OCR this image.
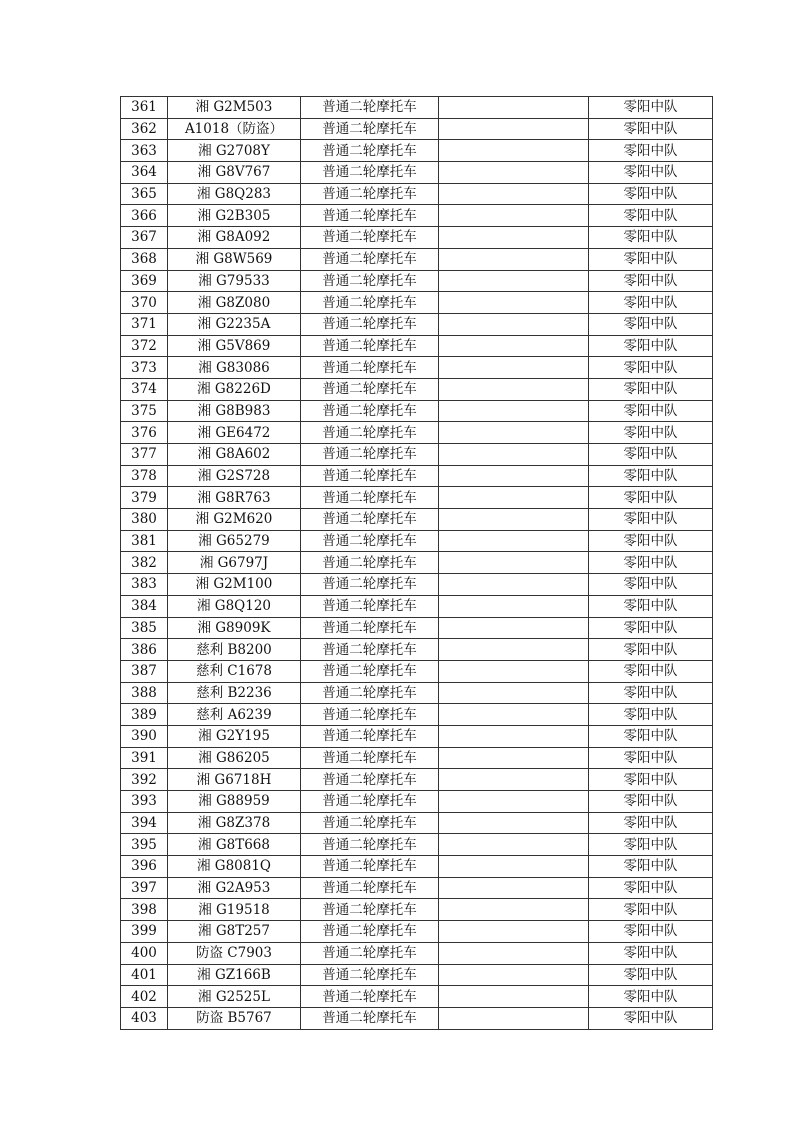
361	湘 G2M503	普通二轮摩托车		零阳中队
362	A1018（防盗）	普通二轮摩托车		零阳中队
363	湘 G2708Y	普通二轮摩托车		零阳中队
364	湘 G8V767	普通二轮摩托车		零阳中队
365	湘 G8Q283	普通二轮摩托车		零阳中队
366	湘 G2B305	普通二轮摩托车		零阳中队
367	湘 G8A092	普通二轮摩托车		零阳中队
368	湘 G8W569	普通二轮摩托车		零阳中队
369	湘 G79533	普通二轮摩托车		零阳中队
370	湘 G8Z080	普通二轮摩托车		零阳中队
371	湘 G2235A	普通二轮摩托车		零阳中队
372	湘 G5V869	普通二轮摩托车		零阳中队
373	湘 G83086	普通二轮摩托车		零阳中队
374	湘 G8226D	普通二轮摩托车		零阳中队
375	湘 G8B983	普通二轮摩托车		零阳中队
376	湘 GE6472	普通二轮摩托车		零阳中队
377	湘 G8A602	普通二轮摩托车		零阳中队
378	湘 G2S728	普通二轮摩托车		零阳中队
379	湘 G8R763	普通二轮摩托车		零阳中队
380	湘 G2M620	普通二轮摩托车		零阳中队
381	湘 G65279	普通二轮摩托车		零阳中队
382	湘 G6797J	普通二轮摩托车		零阳中队
383	湘 G2M100	普通二轮摩托车		零阳中队
384	湘 G8Q120	普通二轮摩托车		零阳中队
385	湘 G8909K	普通二轮摩托车		零阳中队
386	慈利 B8200	普通二轮摩托车		零阳中队
387	慈利 C1678	普通二轮摩托车		零阳中队
388	慈利 B2236	普通二轮摩托车		零阳中队
389	慈利 A6239	普通二轮摩托车		零阳中队
390	湘 G2Y195	普通二轮摩托车		零阳中队
391	湘 G86205	普通二轮摩托车		零阳中队
392	湘 G6718H	普通二轮摩托车		零阳中队
393	湘 G88959	普通二轮摩托车		零阳中队
394	湘 G8Z378	普通二轮摩托车		零阳中队
395	湘 G8T668	普通二轮摩托车		零阳中队
396	湘 G8081Q	普通二轮摩托车		零阳中队
397	湘 G2A953	普通二轮摩托车		零阳中队
398	湘 G19518	普通二轮摩托车		零阳中队
399	湘 G8T257	普通二轮摩托车		零阳中队
400	防盗 C7903	普通二轮摩托车		零阳中队
401	湘 GZ166B	普通二轮摩托车		零阳中队
402	湘 G2525L	普通二轮摩托车		零阳中队
403	防盗 B5767	普通二轮摩托车		零阳中队
